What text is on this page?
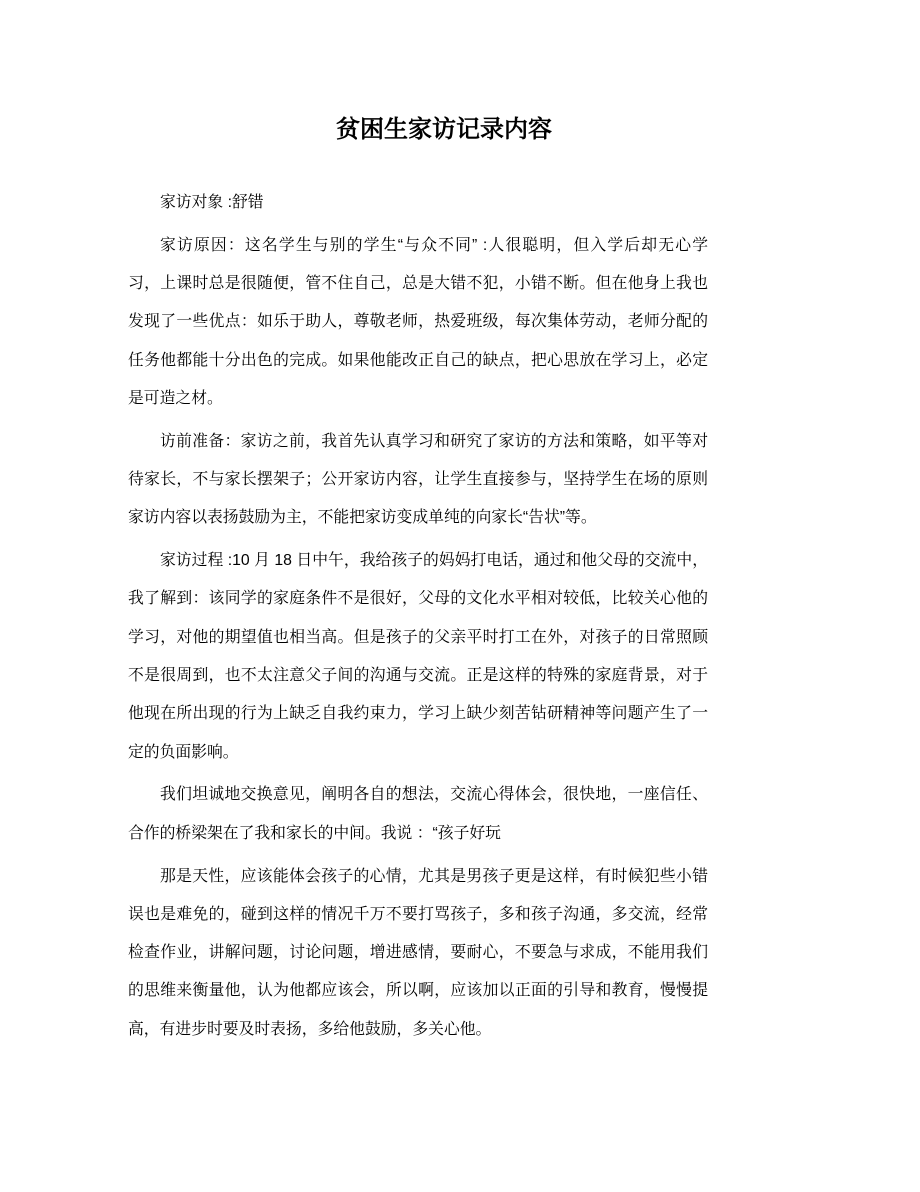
贫困生家访记录内容
家访对象 :舒错
家访原因：这名学生与别的学生“与众不同” :人很聪明，但入学后却无心学
习，上课时总是很随便，管不住自己，总是大错不犯，小错不断。但在他身上我也
发现了一些优点：如乐于助人，尊敬老师，热爱班级，每次集体劳动，老师分配的
任务他都能十分出色的完成。如果他能改正自己的缺点，把心思放在学习上，必定
是可造之材。
访前准备：家访之前，我首先认真学习和研究了家访的方法和策略，如平等对
待家长，不与家长摆架子；公开家访内容，让学生直接参与，坚持学生在场的原则
家访内容以表扬鼓励为主，不能把家访变成单纯的向家长“告状”等。
家访过程 :10 月 18 日中午，我给孩子的妈妈打电话，通过和他父母的交流中，
我了解到：该同学的家庭条件不是很好，父母的文化水平相对较低，比较关心他的
学习，对他的期望值也相当高。但是孩子的父亲平时打工在外，对孩子的日常照顾
不是很周到，也不太注意父子间的沟通与交流。正是这样的特殊的家庭背景，对于
他现在所出现的行为上缺乏自我约束力，学习上缺少刻苦钻研精神等问题产生了一
定的负面影响。
我们坦诚地交换意见，阐明各自的想法，交流心得体会，很快地，一座信任、
合作的桥梁架在了我和家长的中间。我说 ：“孩子好玩
那是天性，应该能体会孩子的心情，尤其是男孩子更是这样，有时候犯些小错
误也是难免的，碰到这样的情况千万不要打骂孩子，多和孩子沟通，多交流，经常
检查作业，讲解问题，讨论问题，增进感情，要耐心，不要急与求成，不能用我们
的思维来衡量他，认为他都应该会，所以啊，应该加以正面的引导和教育，慢慢提
高，有进步时要及时表扬，多给他鼓励，多关心他。
